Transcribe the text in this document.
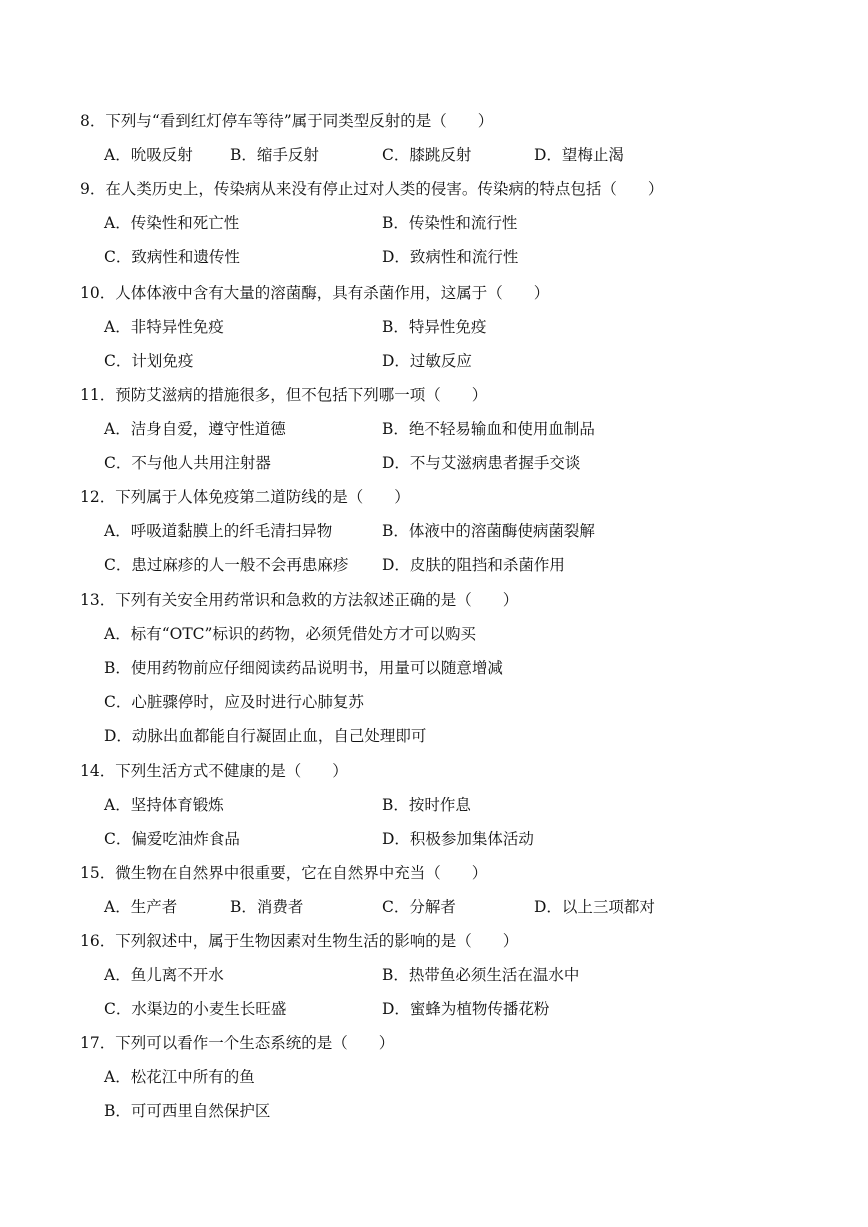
8．下列与“看到红灯停车等待”属于同类型反射的是（　　）
A．吮吸反射 B．缩手反射	C．膝跳反射	D．望梅止渴
9．在人类历史上，传染病从来没有停止过对人类的侵害。传染病的特点包括（　　）
A．传染性和死亡性	B．传染性和流行性
C．致病性和遗传性	D．致病性和流行性
10．人体体液中含有大量的溶菌酶，具有杀菌作用，这属于（　　）
A．非特异性免疫	B．特异性免疫
C．计划免疫	D．过敏反应
11．预防艾滋病的措施很多，但不包括下列哪一项（　　）
A．洁身自爱，遵守性道德	B．绝不轻易输血和使用血制品
C．不与他人共用注射器	D．不与艾滋病患者握手交谈
12．下列属于人体免疫第二道防线的是（　　）
A．呼吸道黏膜上的纤毛清扫异物	B．体液中的溶菌酶使病菌裂解
C．患过麻疹的人一般不会再患麻疹 D．皮肤的阻挡和杀菌作用
13．下列有关安全用药常识和急救的方法叙述正确的是（　　）
A．标有“OTC”标识的药物，必须凭借处方才可以购买
B．使用药物前应仔细阅读药品说明书，用量可以随意增减
C．心脏骤停时，应及时进行心肺复苏
D．动脉出血都能自行凝固止血，自己处理即可
14．下列生活方式不健康的是（　　）
A．坚持体育锻炼	B．按时作息
C．偏爱吃油炸食品	D．积极参加集体活动
15．微生物在自然界中很重要，它在自然界中充当（　　）
A．生产者	B．消费者	C．分解者	D．以上三项都对
16．下列叙述中，属于生物因素对生物生活的影响的是（　　）
A．鱼儿离不开水	B．热带鱼必须生活在温水中
C．水渠边的小麦生长旺盛	D．蜜蜂为植物传播花粉
17．下列可以看作一个生态系统的是（　　）
A．松花江中所有的鱼
B．可可西里自然保护区
